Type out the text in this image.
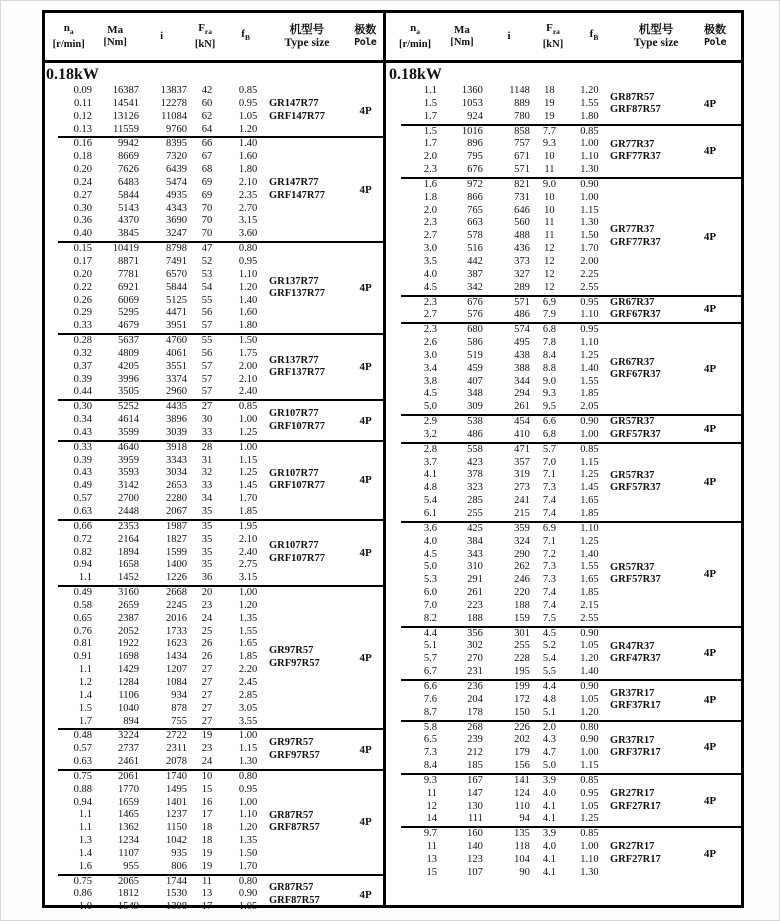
$n_a$
[r/min]
Ma
[Nm]	i
$F_{ra}$
[kN]
$f_B$
机型号
Type size
极数
Pole
0.18kW
0.09	16387	13837	42	0.85
0.11	14541	12278	60	0.95
0.12	13126	11084	62	1.05
0.13	11559	9760	64	1.20
GR147R77
GRF147R77	4P
0.16	9942	8395	66	1.40
0.18	8669	7320	67	1.60
0.20	7626	6439	68	1.80
0.24	6483	5474	69	2.10
0.27	5844	4935	69	2.35
0.30	5143	4343	70	2.70
0.36	4370	3690	70	3.15
0.40	3845	3247	70	3.60
GR147R77
GRF147R77	4P
0.15	10419	8798	47	0.80
0.17	8871	7491	52	0.95
0.20	7781	6570	53	1.10
0.22	6921	5844	54	1.20
0.26	6069	5125	55	1.40
0.29	5295	4471	56	1.60
0.33	4679	3951	57	1.80
GR137R77
GRF137R77	4P
0.28	5637	4760	55	1.50
0.32	4809	4061	56	1.75
0.37	4205	3551	57	2.00
0.39	3996	3374	57	2.10
0.44	3505	2960	57	2.40
GR137R77
GRF137R77	4P
0.30	5252	4435	27	0.85
0.34	4614	3896	30	1.00
0.43	3599	3039	33	1.25
GR107R77
GRF107R77	4P
0.33	4640	3918	28	1.00
0.39	3959	3343	31	1.15
0.43	3593	3034	32	1.25
0.49	3142	2653	33	1.45
0.57	2700	2280	34	1.70
0.63	2448	2067	35	1.85
GR107R77
GRF107R77	4P
0.66	2353	1987	35	1.95
0.72	2164	1827	35	2.10
0.82	1894	1599	35	2.40
0.94	1658	1400	35	2.75
1.1	1452	1226	36	3.15
GR107R77
GRF107R77	4P
0.49	3160	2668	20	1.00
0.58	2659	2245	23	1.20
0.65	2387	2016	24	1.35
0.76	2052	1733	25	1.55
0.81	1922	1623	26	1.65
0.91	1698	1434	26	1.85
1.1	1429	1207	27	2.20
1.2	1284	1084	27	2.45
1.4	1106	934	27	2.85
1.5	1040	878	27	3.05
1.7	894	755	27	3.55
GR97R57
GRF97R57	4P
0.48	3224	2722	19	1.00
0.57	2737	2311	23	1.15
0.63	2461	2078	24	1.30
GR97R57
GRF97R57	4P
0.75	2061	1740	10	0.80
0.88	1770	1495	15	0.95
0.94	1659	1401	16	1.00
1.1	1465	1237	17	1.10
1.1	1362	1150	18	1.20
1.3	1234	1042	18	1.35
1.4	1107	935	19	1.50
1.6	955	806	19	1.70
GR87R57
GRF87R57	4P
0.75	2065	1744	11	0.80
0.86	1812	1530	13	0.90
1.0	1549	1308	17	1.05
GR87R57
GRF87R57	4P
$n_a$
[r/min]
Ma
[Nm]	i
$F_{ra}$
[kN]
$f_B$
机型号
Type size
极数
Pole
0.18kW
1.1	1360	1148	18	1.20
1.5	1053	889	19	1.55
1.7	924	780	19	1.80
GR87R57
GRF87R57	4P
1.5	1016	858	7.7	0.85
1.7	896	757	9.3	1.00
2.0	795	671	10	1.10
2.3	676	571	11	1.30
GR77R37
GRF77R37	4P
1.6	972	821	9.0	0.90
1.8	866	731	10	1.00
2.0	765	646	10	1.15
2.3	663	560	11	1.30
2.7	578	488	11	1.50
3.0	516	436	12	1.70
3.5	442	373	12	2.00
4.0	387	327	12	2.25
4.5	342	289	12	2.55
GR77R37
GRF77R37	4P
2.3	676	571	6.9	0.95
2.7	576	486	7.9	1.10
GR67R37
GRF67R37	4P
2.3	680	574	6.8	0.95
2.6	586	495	7.8	1.10
3.0	519	438	8.4	1.25
3.4	459	388	8.8	1.40
3.8	407	344	9.0	1.55
4.5	348	294	9.3	1.85
5.0	309	261	9.5	2.05
GR67R37
GRF67R37	4P
2.9	538	454	6.6	0.90
3.2	486	410	6.8	1.00
GR57R37
GRF57R37	4P
2.8	558	471	5.7	0.85
3.7	423	357	7.0	1.15
4.1	378	319	7.1	1.25
4.8	323	273	7.3	1.45
5.4	285	241	7.4	1.65
6.1	255	215	7.4	1.85
GR57R37
GRF57R37	4P
3.6	425	359	6.9	1.10
4.0	384	324	7.1	1.25
4.5	343	290	7.2	1.40
5.0	310	262	7.3	1.55
5.3	291	246	7.3	1.65
6.0	261	220	7.4	1.85
7.0	223	188	7.4	2.15
8.2	188	159	7.5	2.55
GR57R37
GRF57R37	4P
4.4	356	301	4.5	0.90
5.1	302	255	5.2	1.05
5.7	270	228	5.4	1.20
6.7	231	195	5.5	1.40
GR47R37
GRF47R37	4P
6.6	236	199	4.4	0.90
7.6	204	172	4.8	1.05
8.7	178	150	5.1	1.20
GR37R17
GRF37R17	4P
5.8	268	226	2.0	0.80
6.5	239	202	4.3	0.90
7.3	212	179	4.7	1.00
8.4	185	156	5.0	1.15
GR37R17
GRF37R17	4P
9.3	167	141	3.9	0.85
11	147	124	4.0	0.95
12	130	110	4.1	1.05
14	111	94	4.1	1.25
GR27R17
GRF27R17	4P
9.7	160	135	3.9	0.85
11	140	118	4.0	1.00
13	123	104	4.1	1.10
15	107	90	4.1	1.30
GR27R17
GRF27R17	4P
